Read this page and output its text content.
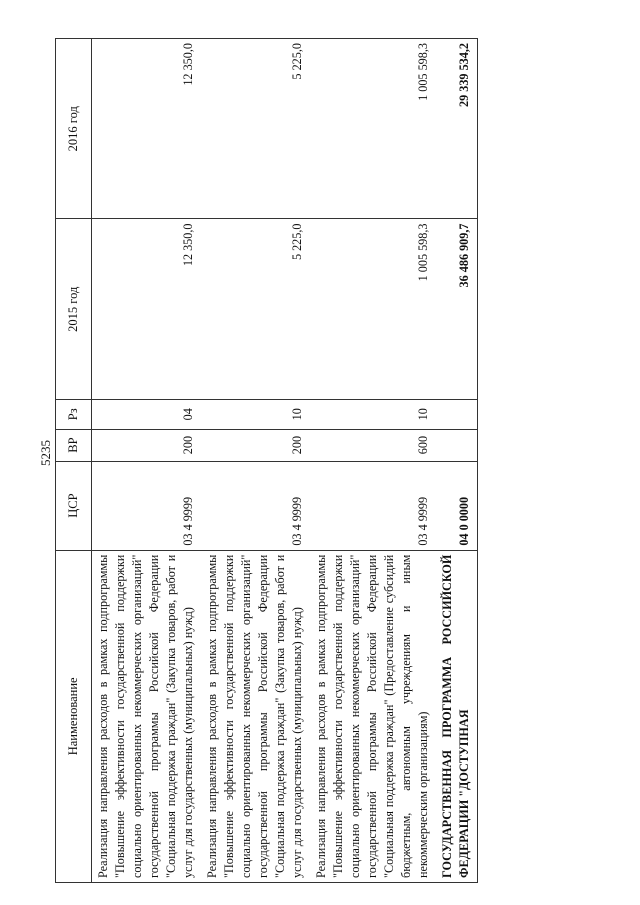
5235
Наименование	ЦСР	ВР	Рз	2015 год	2016 год
Реализация направления расходов в рамках подпрограммы "Повышение эффективности государственной поддержки социально ориентированных некоммерческих организаций" государственной программы Российской Федерации "Социальная поддержка граждан" (Закупка товаров, работ и услуг для государственных (муниципальных) нужд)	03 4 9999	200	04	12 350,0	12 350,0
Реализация направления расходов в рамках подпрограммы "Повышение эффективности государственной поддержки социально ориентированных некоммерческих организаций" государственной программы Российской Федерации "Социальная поддержка граждан" (Закупка товаров, работ и услуг для государственных (муниципальных) нужд)	03 4 9999	200	10	5 225,0	5 225,0
Реализация направления расходов в рамках подпрограммы "Повышение эффективности государственной поддержки социально ориентированных некоммерческих организаций" государственной программы Российской Федерации "Социальная поддержка граждан" (Предоставление субсидий бюджетным, автономным учреждениям и иным некоммерческим организациям)	03 4 9999	600	10	1 005 598,3	1 005 598,3
ГОСУДАРСТВЕННАЯ ПРОГРАММА РОССИЙСКОЙ ФЕДЕРАЦИИ "ДОСТУПНАЯ	04 0 0000			36 486 909,7	29 339 534,2
